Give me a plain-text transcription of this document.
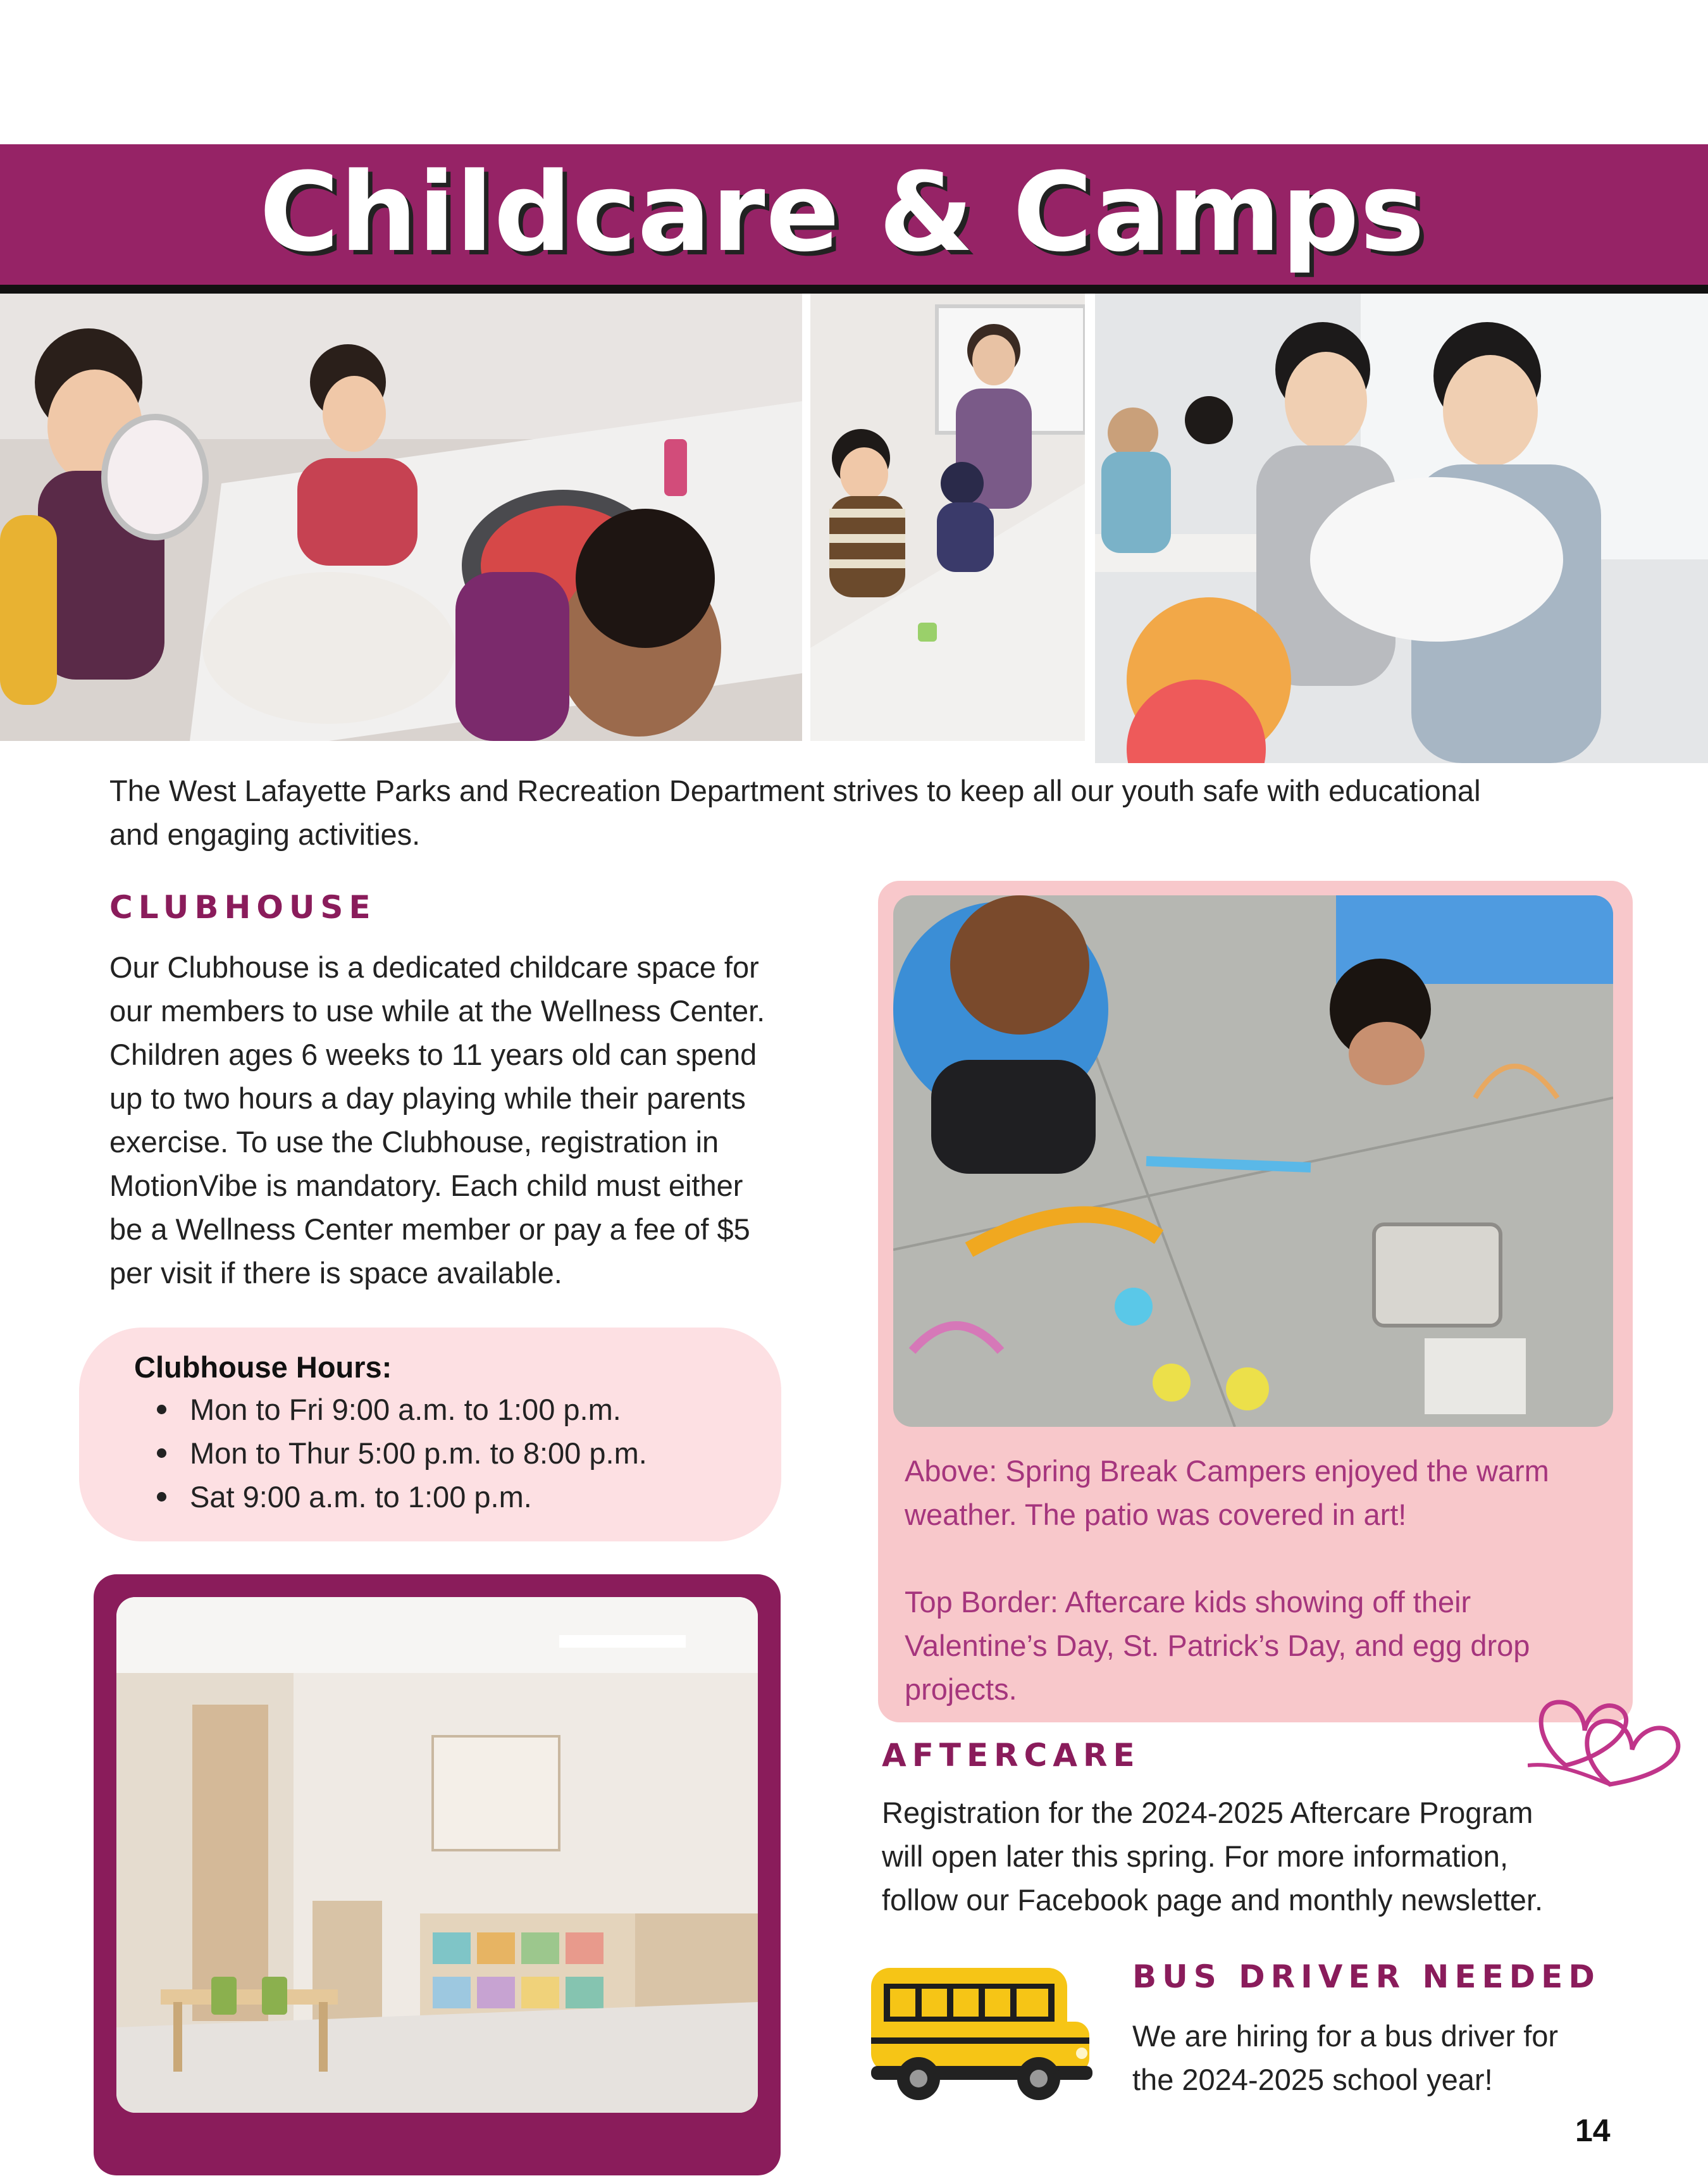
Childcare & Camps
The West Lafayette Parks and Recreation Department strives to keep all our youth safe with educational
and engaging activities.
CLUBHOUSE
Our Clubhouse is a dedicated childcare space for
our members to use while at the Wellness Center.
Children ages 6 weeks to 11 years old can spend
up to two hours a day playing while their parents
exercise. To use the Clubhouse, registration in
MotionVibe is mandatory. Each child must either
be a Wellness Center member or pay a fee of $5
per visit if there is space available.
Clubhouse Hours:
Mon to Fri 9:00 a.m. to 1:00 p.m.
Mon to Thur 5:00 p.m. to 8:00 p.m.
Sat 9:00 a.m. to 1:00 p.m.
Above: Spring Break Campers enjoyed the warm
weather. The patio was covered in art!
Top Border: Aftercare kids showing off their
Valentine’s Day, St. Patrick’s Day, and egg drop
projects.
AFTERCARE
Registration for the 2024-2025 Aftercare Program
will open later this spring. For more information,
follow our Facebook page and monthly newsletter.
BUS DRIVER NEEDED
We are hiring for a bus driver for
the 2024-2025 school year!
14
